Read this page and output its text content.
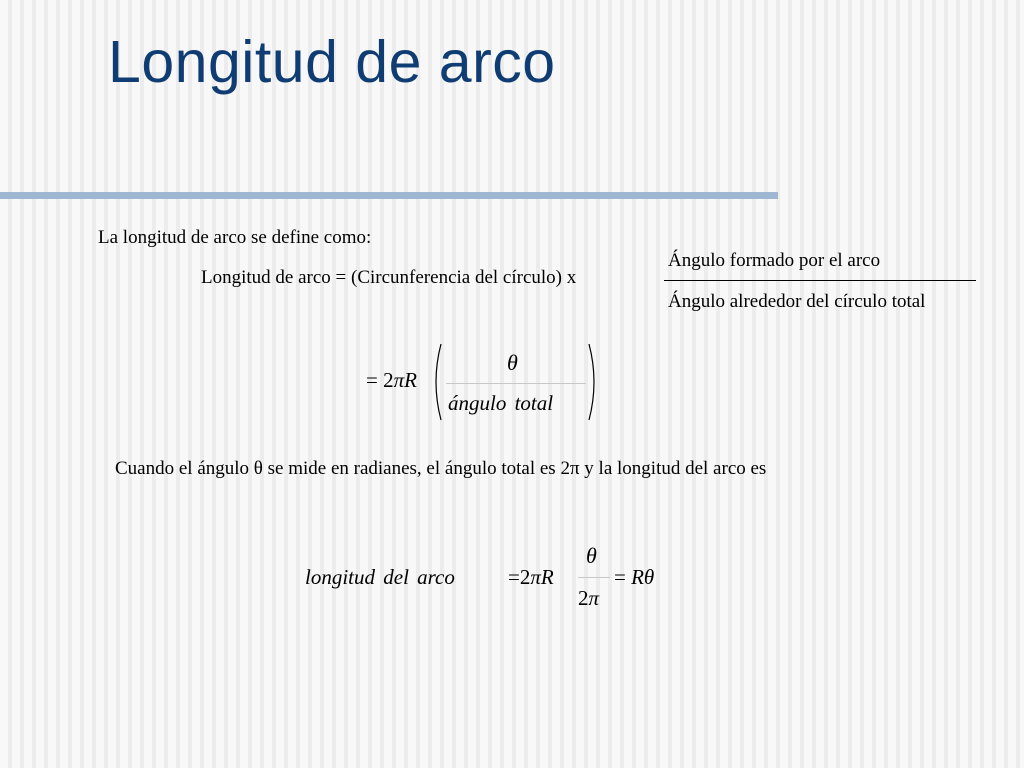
Longitud de arco
La longitud de arco se define como:
Longitud de arco = (Circunferencia del círculo) x
Ángulo formado por el arco
Ángulo alrededor del círculo total
= 2πR
θ
ángulo total
Cuando el ángulo θ se mide en radianes, el ángulo total es 2π y la longitud del arco es
longitud del arco	=2πR
θ
2π
= Rθ
